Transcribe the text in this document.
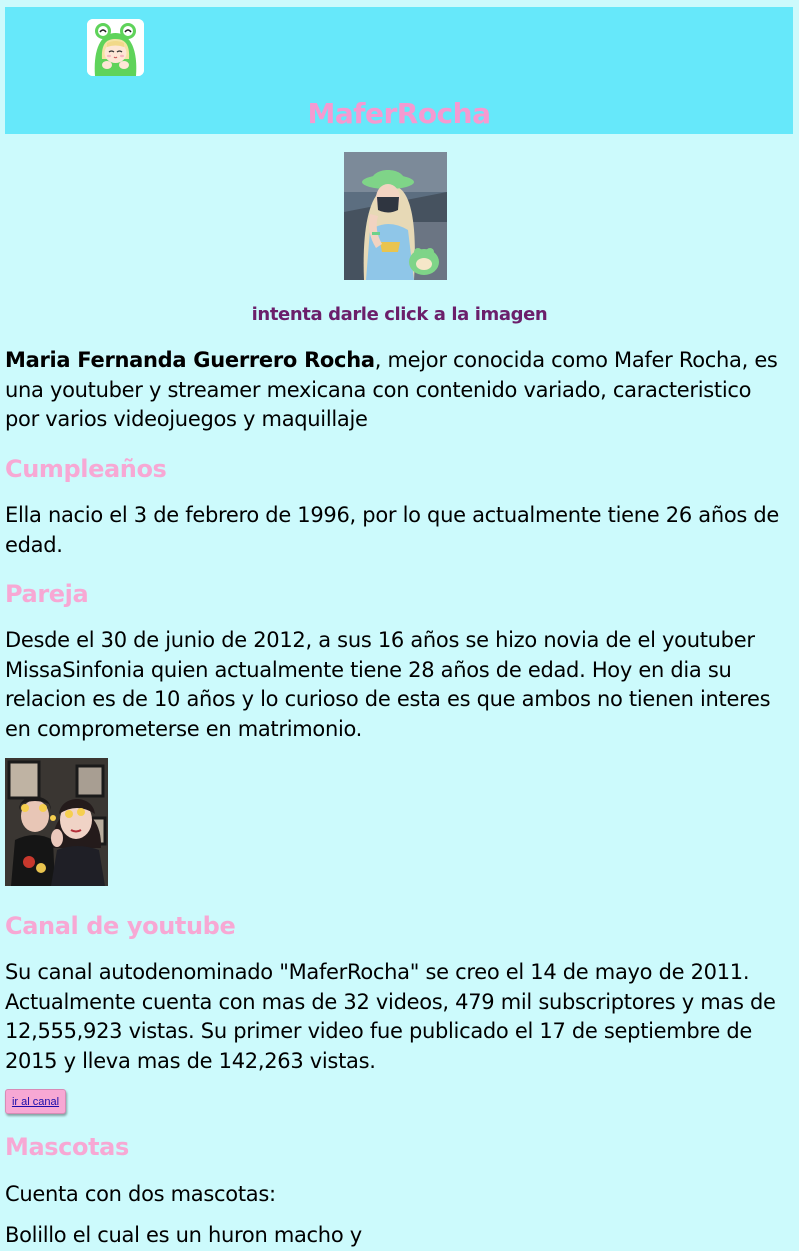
MaferRocha

intenta darle click a la imagen

Maria Fernanda Guerrero Rocha, mejor conocida como Mafer Rocha, es una youtuber y streamer mexicana con contenido variado, caracteristico por varios videojuegos y maquillaje

Cumpleaños

Ella nacio el 3 de febrero de 1996, por lo que actualmente tiene 26 años de edad.

Pareja

Desde el 30 de junio de 2012, a sus 16 años se hizo novia de el youtuber MissaSinfonia quien actualmente tiene 28 años de edad. Hoy en dia su relacion es de 10 años y lo curioso de esta es que ambos no tienen interes en comprometerse en matrimonio.

Canal de youtube

Su canal autodenominado "MaferRocha" se creo el 14 de mayo de 2011. Actualmente cuenta con mas de 32 videos, 479 mil subscriptores y mas de 12,555,923 vistas. Su primer video fue publicado el 17 de septiembre de 2015 y lleva mas de 142,263 vistas.

ir al canal
Mascotas

Cuenta con dos mascotas:

Bolillo el cual es un huron macho y
